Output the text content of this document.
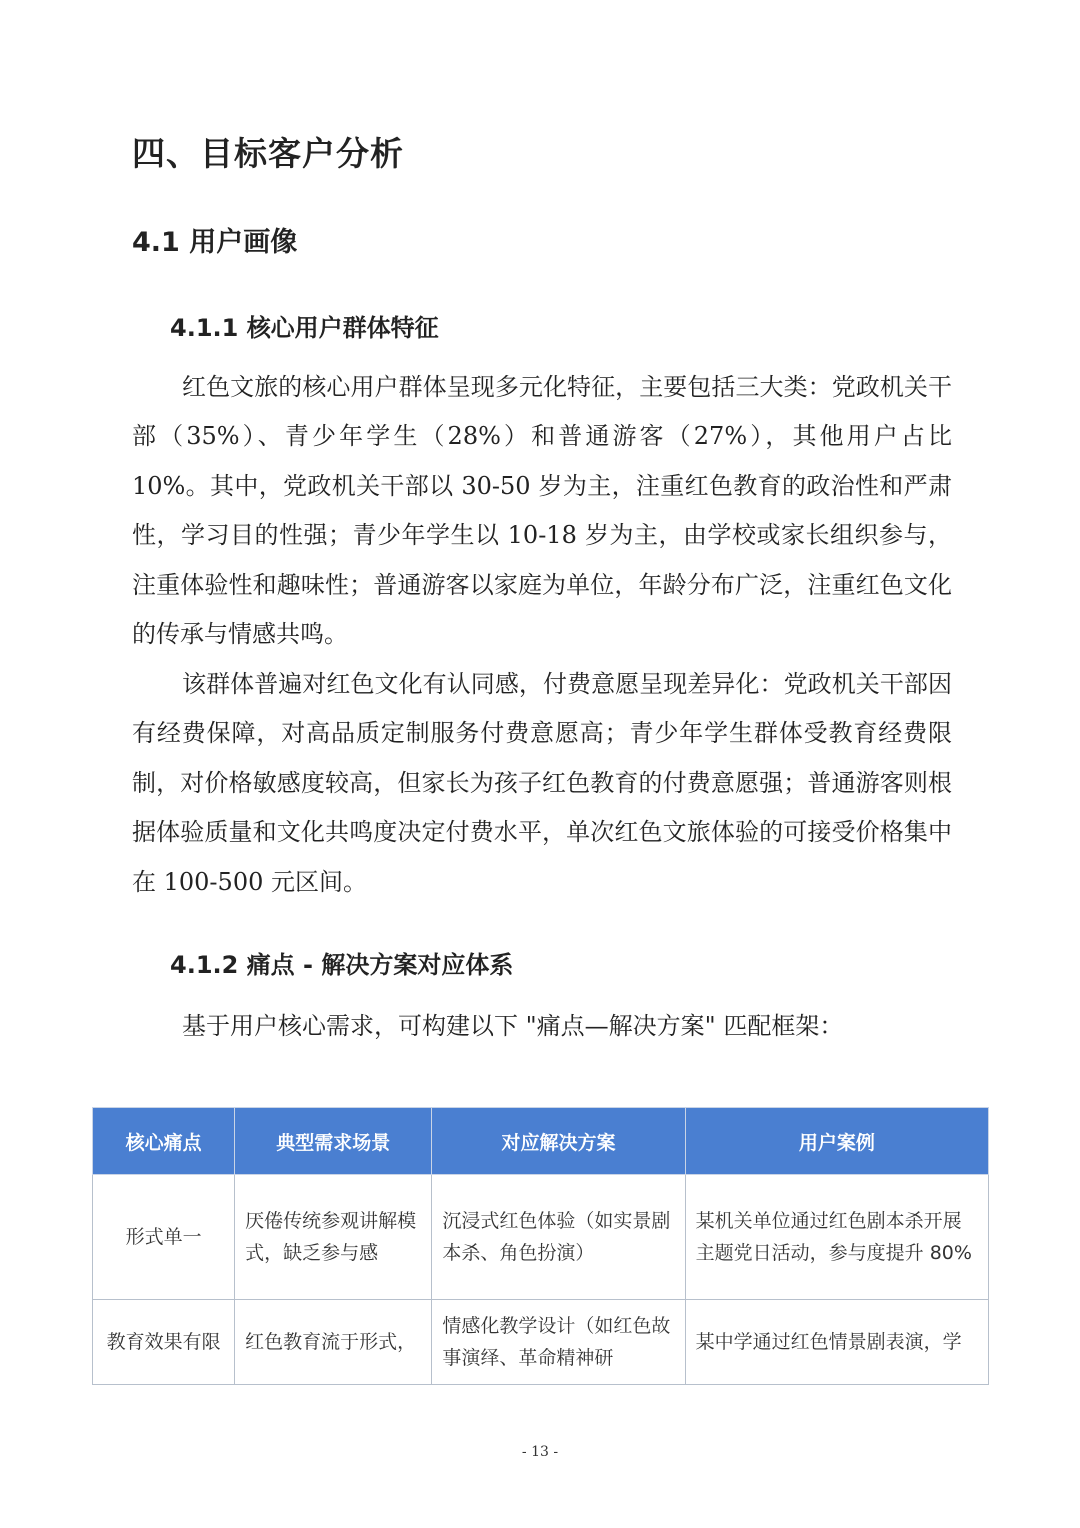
四、目标客户分析
4.1 用户画像
4.1.1 核心用户群体特征

红色文旅的核心用户群体呈现多元化特征，主要包括三大类：党政机关干部（35%）、青少年学生（28%）和普通游客（27%），其他用户占比 10%。其中，党政机关干部以 30-50 岁为主，注重红色教育的政治性和严肃性，学习目的性强；青少年学生以 10-18 岁为主，由学校或家长组织参与，注重体验性和趣味性；普通游客以家庭为单位，年龄分布广泛，注重红色文化的传承与情感共鸣。

该群体普遍对红色文化有认同感，付费意愿呈现差异化：党政机关干部因有经费保障，对高品质定制服务付费意愿高；青少年学生群体受教育经费限制，对价格敏感度较高，但家长为孩子红色教育的付费意愿强；普通游客则根据体验质量和文化共鸣度决定付费水平，单次红色文旅体验的可接受价格集中在 100-500 元区间。

4.1.2 痛点 - 解决方案对应体系

基于用户核心需求，可构建以下 "痛点—解决方案" 匹配框架：

核心痛点	典型需求场景	对应解决方案	用户案例
形式单一	厌倦传统参观讲解模式，缺乏参与感	沉浸式红色体验（如实景剧本杀、角色扮演）	某机关单位通过红色剧本杀开展主题党日活动，参与度提升 80%
教育效果有限	红色教育流于形式，	情感化教学设计（如红色故事演绎、革命精神研	某中学通过红色情景剧表演，学
- 13 -
